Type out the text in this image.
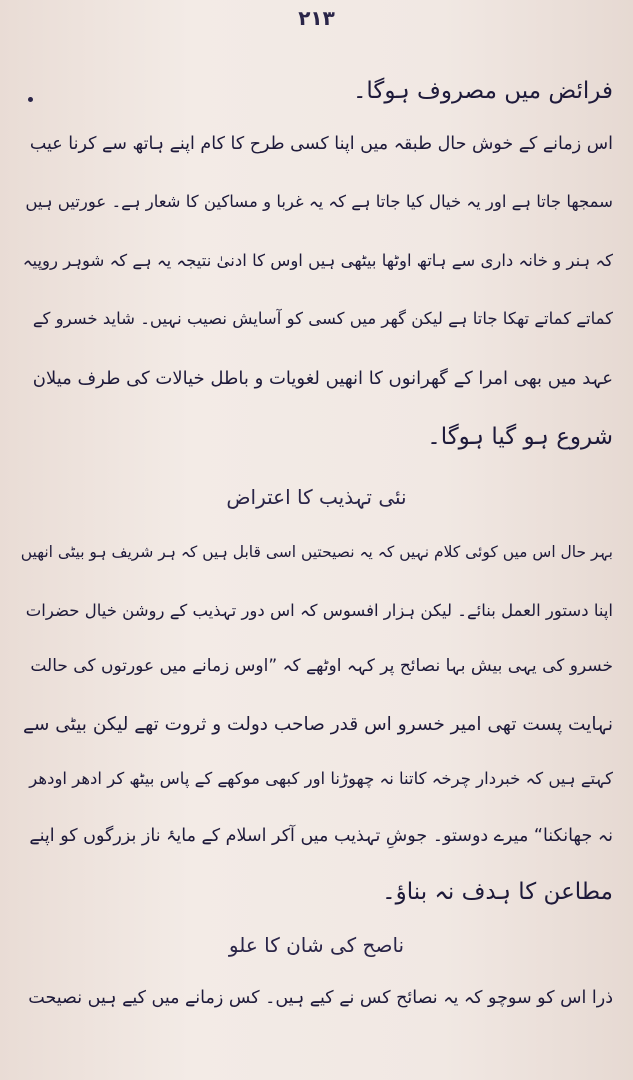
۲۱۳
فرائض میں مصروف ہوگا۔
اس زمانے کے خوش حال طبقہ میں اپنا کسی طرح کا کام اپنے ہاتھ سے کرنا عیب
سمجھا جاتا ہے اور یہ خیال کیا جاتا ہے کہ یہ غربا و مساکین کا شعار ہے۔ عورتیں ہیں
کہ ہنر و خانہ داری سے ہاتھ اوٹھا بیٹھی ہیں اوس کا ادنیٰ نتیجہ یہ ہے کہ شوہر روپیہ
کماتے کماتے تھکا جاتا ہے لیکن گھر میں کسی کو آسایش نصیب نہیں۔ شاید خسرو کے
عہد میں بھی امرا کے گھرانوں کا انھیں لغویات و باطل خیالات کی طرف میلان
شروع ہو گیا ہوگا۔
نئی تہذیب کا اعتراض
بہر حال اس میں کوئی کلام نہیں کہ یہ نصیحتیں اسی قابل ہیں کہ ہر شریف ہو بیٹی انھیں
اپنا دستور العمل بنائے۔ لیکن ہزار افسوس کہ اس دور تہذیب کے روشن خیال حضرات
خسرو کی یہی بیش بہا نصائح پر کہہ اوٹھے کہ ”اوس زمانے میں عورتوں کی حالت
نہایت پست تھی امیر خسرو اس قدر صاحب دولت و ثروت تھے لیکن بیٹی سے
کہتے ہیں کہ خبردار چرخہ کاتنا نہ چھوڑنا اور کبھی موکھے کے پاس بیٹھ کر ادھر اودھر
نہ جھانکنا“ میرے دوستو۔ جوشِ تہذیب میں آکر اسلام کے مایۂ ناز بزرگوں کو اپنے
مطاعن کا ہدف نہ بناؤ۔
ناصح کی شان کا علو
ذرا اس کو سوچو کہ یہ نصائح کس نے کیے ہیں۔ کس زمانے میں کیے ہیں نصیحت
